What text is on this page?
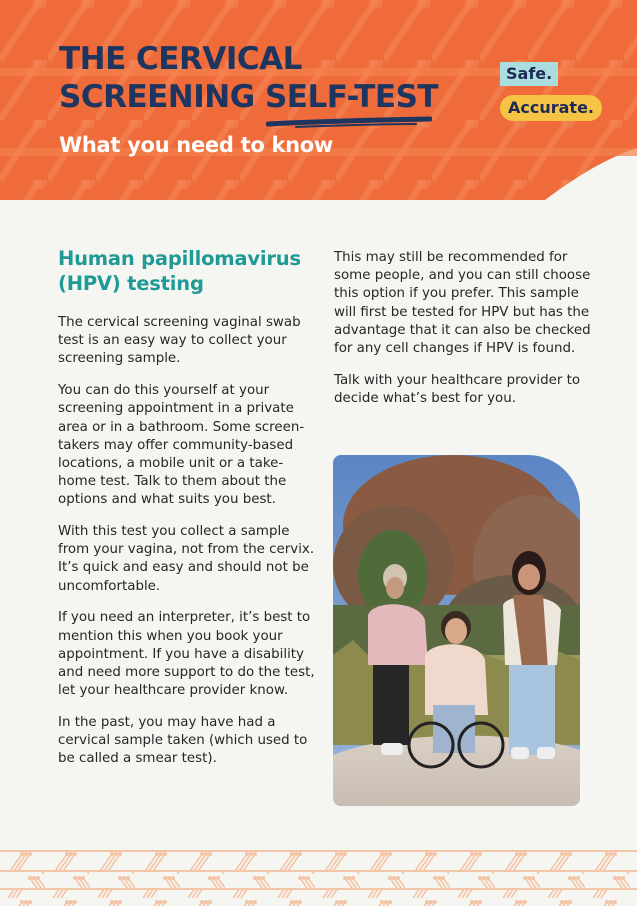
THE CERVICAL
SCREENING SELF-TEST
What you need to know
Safe.
Accurate.
Human papillomavirus (HPV) testing

The cervical screening vaginal swab test is an easy way to collect your screening sample.

You can do this yourself at your screening appointment in a private area or in a bathroom. Some screen-takers may offer community-based locations, a mobile unit or a take-home test. Talk to them about the options and what suits you best.

With this test you collect a sample from your vagina, not from the cervix. It’s quick and easy and should not be uncomfortable.

If you need an interpreter, it’s best to mention this when you book your appointment. If you have a disability and need more support to do the test, let your healthcare provider know.

In the past, you may have had a cervical sample taken (which used to be called a smear test).

This may still be recommended for some people, and you can still choose this option if you prefer. This sample will first be tested for HPV but has the advantage that it can also be checked for any cell changes if HPV is found.

Talk with your healthcare provider to decide what’s best for you.
